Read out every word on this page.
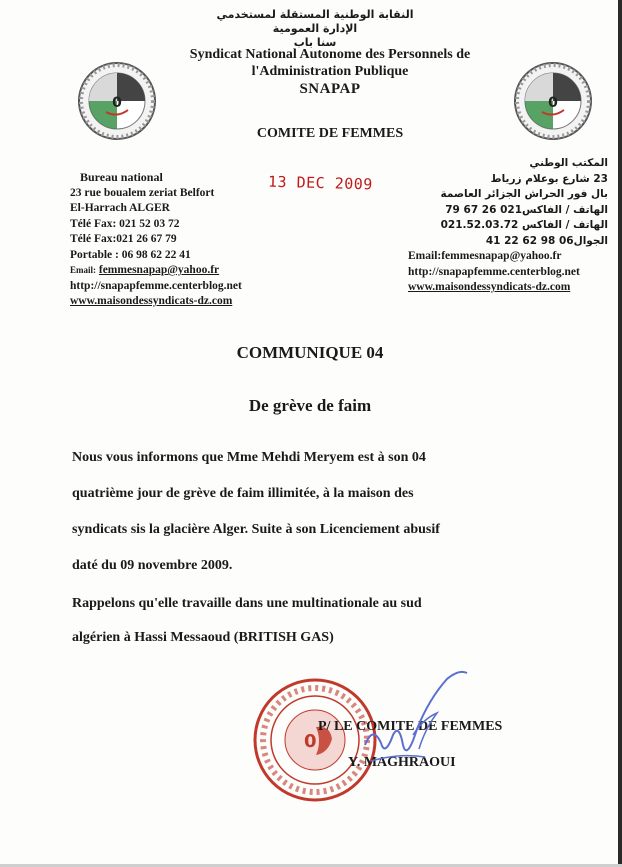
النقابة الوطنية المستقلة لمستخدمي الإدارة العمومية
سنا باب
Syndicat National Autonome des Personnels de
l'Administration Publique
SNAPAP
COMITE DE FEMMES
0	0
Bureau national
23 rue boualem zeriat Belfort
El-Harrach ALGER
Télé Fax: 021 52 03 72
Télé Fax:021 26 67 79
Portable : 06 98 62 22 41
Email: femmesnapap@yahoo.fr
http://snapapfemme.centerblog.net
www.maisondessyndicats-dz.com
13 DEC 2009
المكتب الوطني
23 شارع بوعلام زرياط
بال فور الحراش الجزائر العاصمة
الهاتف / الفاكس021 26 67 79
الهاتف / الفاكس 021.52.03.72
الجوال06 98 62 22 41
Email:femmesnapap@yahoo.fr
http://snapapfemme.centerblog.net
www.maisondessyndicats-dz.com
COMMUNIQUE 04
De grève de faim
Nous vous informons que Mme Mehdi Meryem est à son 04
quatrième jour de grève de faim illimitée, à la maison des
syndicats sis la glacière Alger. Suite à son Licenciement abusif
daté du 09 novembre 2009.
Rappelons qu'elle travaille dans une multinationale au sud
algérien à Hassi Messaoud (BRITISH GAS)
0
P/ LE COMITE DE FEMMES
Y. MAGHRAOUI
